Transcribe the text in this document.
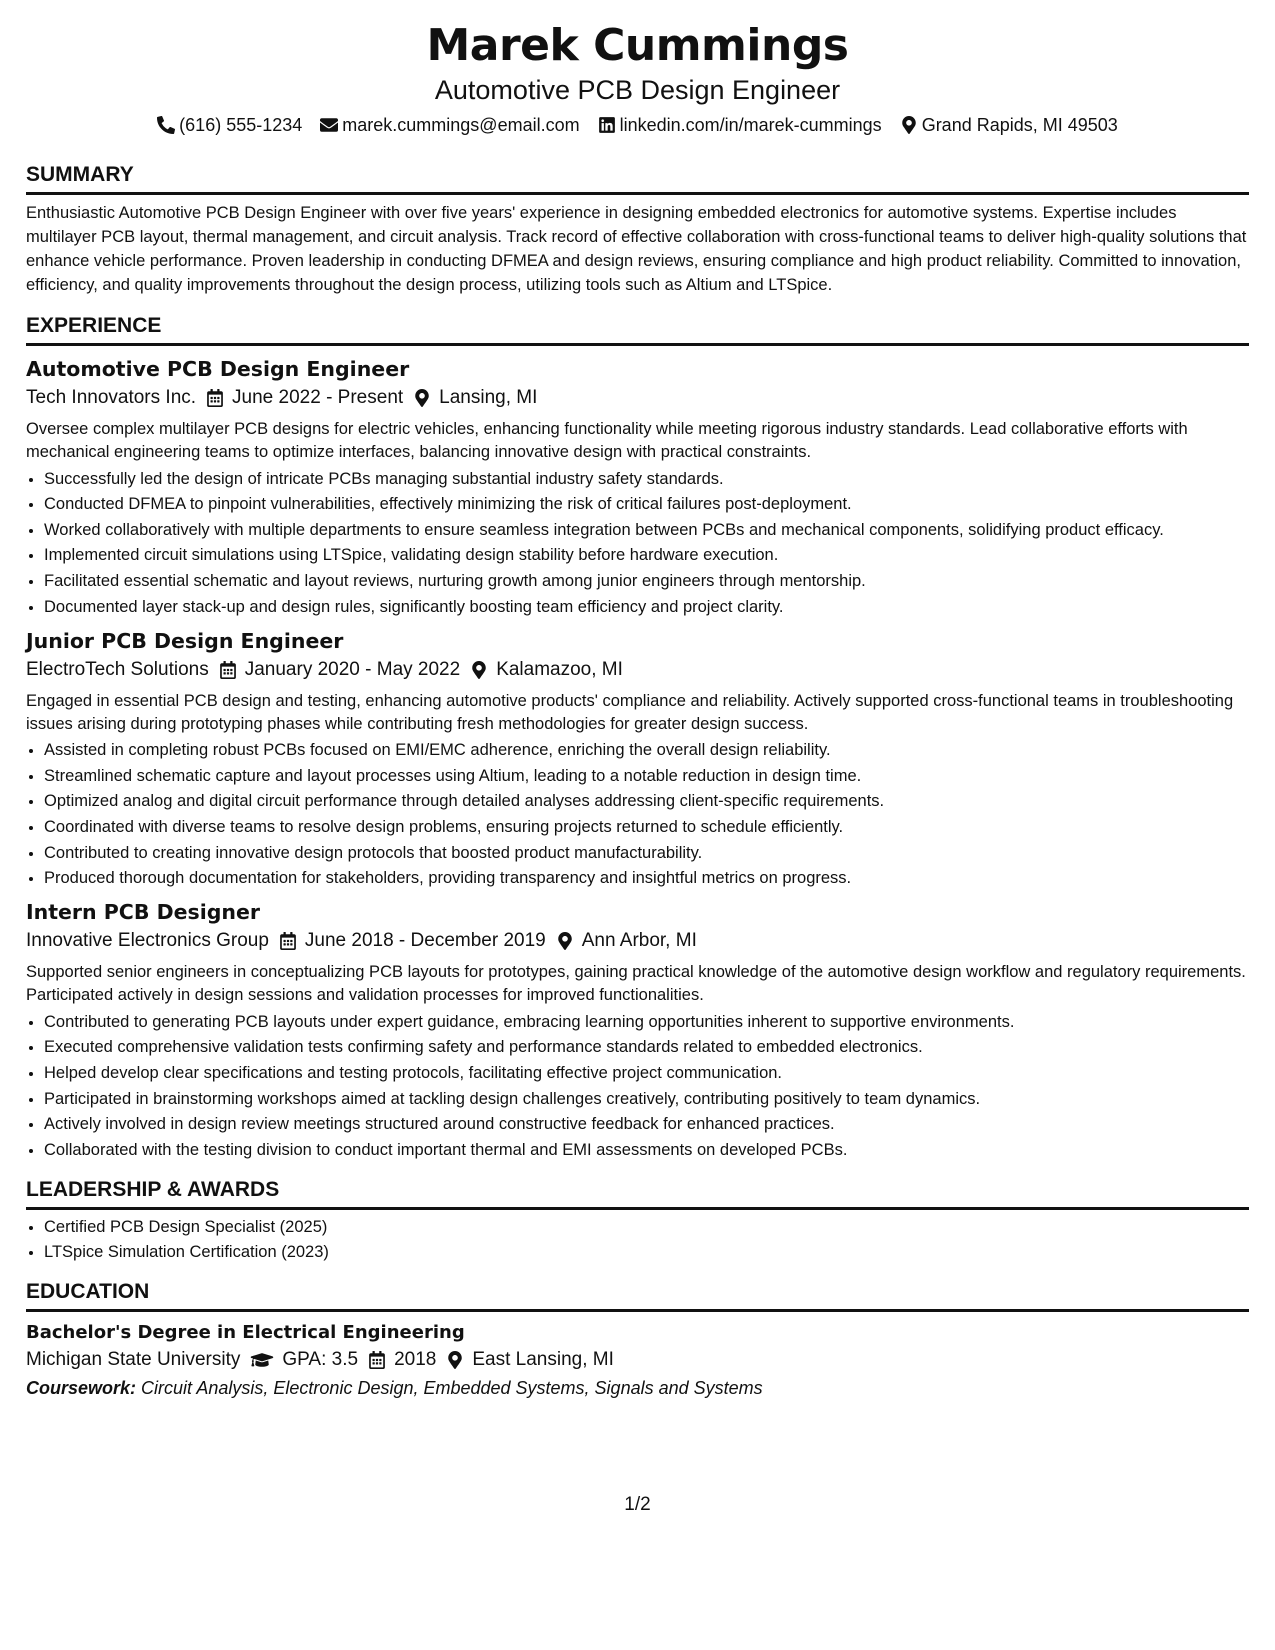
Marek Cummings
Automotive PCB Design Engineer
(616) 555-1234 marek.cummings@email.com linkedin.com/in/marek-cummings Grand Rapids, MI 49503
SUMMARY
Enthusiastic Automotive PCB Design Engineer with over five years' experience in designing embedded electronics for automotive systems. Expertise includes multilayer PCB layout, thermal management, and circuit analysis. Track record of effective collaboration with cross-functional teams to deliver high-quality solutions that enhance vehicle performance. Proven leadership in conducting DFMEA and design reviews, ensuring compliance and high product reliability. Committed to innovation, efficiency, and quality improvements throughout the design process, utilizing tools such as Altium and LTSpice.
EXPERIENCE
Automotive PCB Design Engineer
Tech Innovators Inc. June 2022 - Present Lansing, MI
Oversee complex multilayer PCB designs for electric vehicles, enhancing functionality while meeting rigorous industry standards. Lead collaborative efforts with mechanical engineering teams to optimize interfaces, balancing innovative design with practical constraints.
• Successfully led the design of intricate PCBs managing substantial industry safety standards.
• Conducted DFMEA to pinpoint vulnerabilities, effectively minimizing the risk of critical failures post-deployment.
• Worked collaboratively with multiple departments to ensure seamless integration between PCBs and mechanical components, solidifying product efficacy.
• Implemented circuit simulations using LTSpice, validating design stability before hardware execution.
• Facilitated essential schematic and layout reviews, nurturing growth among junior engineers through mentorship.
• Documented layer stack-up and design rules, significantly boosting team efficiency and project clarity.
Junior PCB Design Engineer
ElectroTech Solutions January 2020 - May 2022 Kalamazoo, MI
Engaged in essential PCB design and testing, enhancing automotive products' compliance and reliability. Actively supported cross-functional teams in troubleshooting issues arising during prototyping phases while contributing fresh methodologies for greater design success.
• Assisted in completing robust PCBs focused on EMI/EMC adherence, enriching the overall design reliability.
• Streamlined schematic capture and layout processes using Altium, leading to a notable reduction in design time.
• Optimized analog and digital circuit performance through detailed analyses addressing client-specific requirements.
• Coordinated with diverse teams to resolve design problems, ensuring projects returned to schedule efficiently.
• Contributed to creating innovative design protocols that boosted product manufacturability.
• Produced thorough documentation for stakeholders, providing transparency and insightful metrics on progress.
Intern PCB Designer
Innovative Electronics Group June 2018 - December 2019 Ann Arbor, MI
Supported senior engineers in conceptualizing PCB layouts for prototypes, gaining practical knowledge of the automotive design workflow and regulatory requirements. Participated actively in design sessions and validation processes for improved functionalities.
• Contributed to generating PCB layouts under expert guidance, embracing learning opportunities inherent to supportive environments.
• Executed comprehensive validation tests confirming safety and performance standards related to embedded electronics.
• Helped develop clear specifications and testing protocols, facilitating effective project communication.
• Participated in brainstorming workshops aimed at tackling design challenges creatively, contributing positively to team dynamics.
• Actively involved in design review meetings structured around constructive feedback for enhanced practices.
• Collaborated with the testing division to conduct important thermal and EMI assessments on developed PCBs.
LEADERSHIP & AWARDS
• Certified PCB Design Specialist (2025)
• LTSpice Simulation Certification (2023)
EDUCATION
Bachelor's Degree in Electrical Engineering
Michigan State University GPA: 3.5 2018 East Lansing, MI
Coursework: Circuit Analysis, Electronic Design, Embedded Systems, Signals and Systems
1/2
